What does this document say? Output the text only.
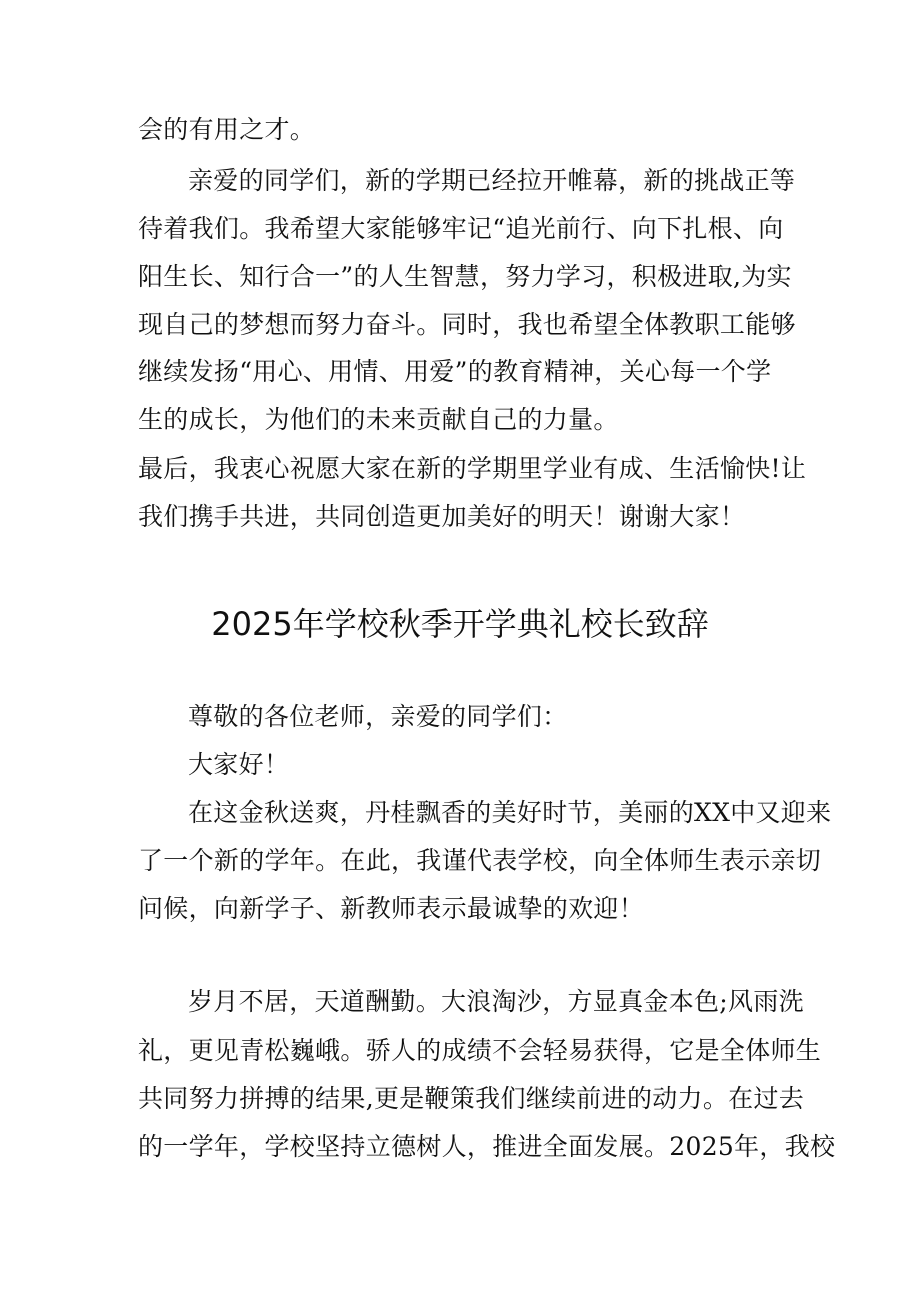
会的有用之才。

亲爱的同学们，新的学期已经拉开帷幕，新的挑战正等

待着我们。我希望大家能够牢记“追光前行、向下扎根、向

阳生长、知行合一”的人生智慧，努力学习，积极进取,为实

现自己的梦想而努力奋斗。同时，我也希望全体教职工能够

继续发扬“用心、用情、用爱”的教育精神，关心每一个学

生的成长，为他们的未来贡献自己的力量。

最后，我衷心祝愿大家在新的学期里学业有成、生活愉快!让

我们携手共进，共同创造更加美好的明天！谢谢大家！

2025年学校秋季开学典礼校长致辞

尊敬的各位老师，亲爱的同学们：

大家好！

在这金秋送爽，丹桂飘香的美好时节，美丽的XX中又迎来

了一个新的学年。在此，我谨代表学校，向全体师生表示亲切

问候，向新学子、新教师表示最诚挚的欢迎！

岁月不居，天道酬勤。大浪淘沙，方显真金本色;风雨洗

礼，更见青松巍峨。骄人的成绩不会轻易获得，它是全体师生

共同努力拼搏的结果,更是鞭策我们继续前进的动力。在过去

的一学年，学校坚持立德树人，推进全面发展。2025年，我校
